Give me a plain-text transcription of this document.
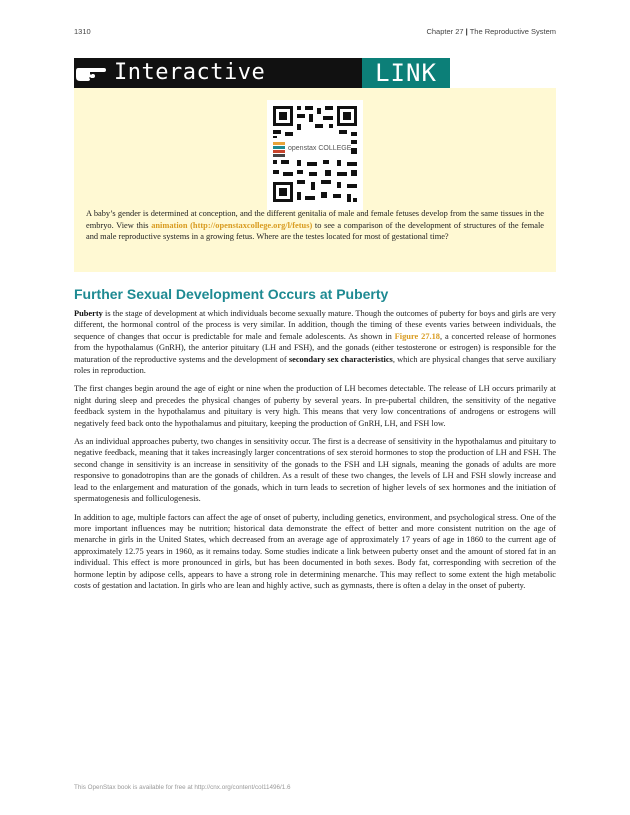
1310	Chapter 27 | The Reproductive System
Interactive	LINK
openstax COLLEGE

A baby’s gender is determined at conception, and the different genitalia of male and female fetuses develop from the same tissues in the embryo. View this animation (http://openstaxcollege.org/l/fetus) to see a comparison of the development of structures of the female and male reproductive systems in a growing fetus. Where are the testes located for most of gestational time?

Further Sexual Development Occurs at Puberty

Puberty is the stage of development at which individuals become sexually mature. Though the outcomes of puberty for boys and girls are very different, the hormonal control of the process is very similar. In addition, though the timing of these events varies between individuals, the sequence of changes that occur is predictable for male and female adolescents. As shown in Figure 27.18, a concerted release of hormones from the hypothalamus (GnRH), the anterior pituitary (LH and FSH), and the gonads (either testosterone or estrogen) is responsible for the maturation of the reproductive systems and the development of secondary sex characteristics, which are physical changes that serve auxiliary roles in reproduction.

The first changes begin around the age of eight or nine when the production of LH becomes detectable. The release of LH occurs primarily at night during sleep and precedes the physical changes of puberty by several years. In pre-pubertal children, the sensitivity of the negative feedback system in the hypothalamus and pituitary is very high. This means that very low concentrations of androgens or estrogens will negatively feed back onto the hypothalamus and pituitary, keeping the production of GnRH, LH, and FSH low.

As an individual approaches puberty, two changes in sensitivity occur. The first is a decrease of sensitivity in the hypothalamus and pituitary to negative feedback, meaning that it takes increasingly larger concentrations of sex steroid hormones to stop the production of LH and FSH. The second change in sensitivity is an increase in sensitivity of the gonads to the FSH and LH signals, meaning the gonads of adults are more responsive to gonadotropins than are the gonads of children. As a result of these two changes, the levels of LH and FSH slowly increase and lead to the enlargement and maturation of the gonads, which in turn leads to secretion of higher levels of sex hormones and the initiation of spermatogenesis and folliculogenesis.

In addition to age, multiple factors can affect the age of onset of puberty, including genetics, environment, and psychological stress. One of the more important influences may be nutrition; historical data demonstrate the effect of better and more consistent nutrition on the age of menarche in girls in the United States, which decreased from an average age of approximately 17 years of age in 1860 to the current age of approximately 12.75 years in 1960, as it remains today. Some studies indicate a link between puberty onset and the amount of stored fat in an individual. This effect is more pronounced in girls, but has been documented in both sexes. Body fat, corresponding with secretion of the hormone leptin by adipose cells, appears to have a strong role in determining menarche. This may reflect to some extent the high metabolic costs of gestation and lactation. In girls who are lean and highly active, such as gymnasts, there is often a delay in the onset of puberty.

This OpenStax book is available for free at http://cnx.org/content/col11496/1.6
